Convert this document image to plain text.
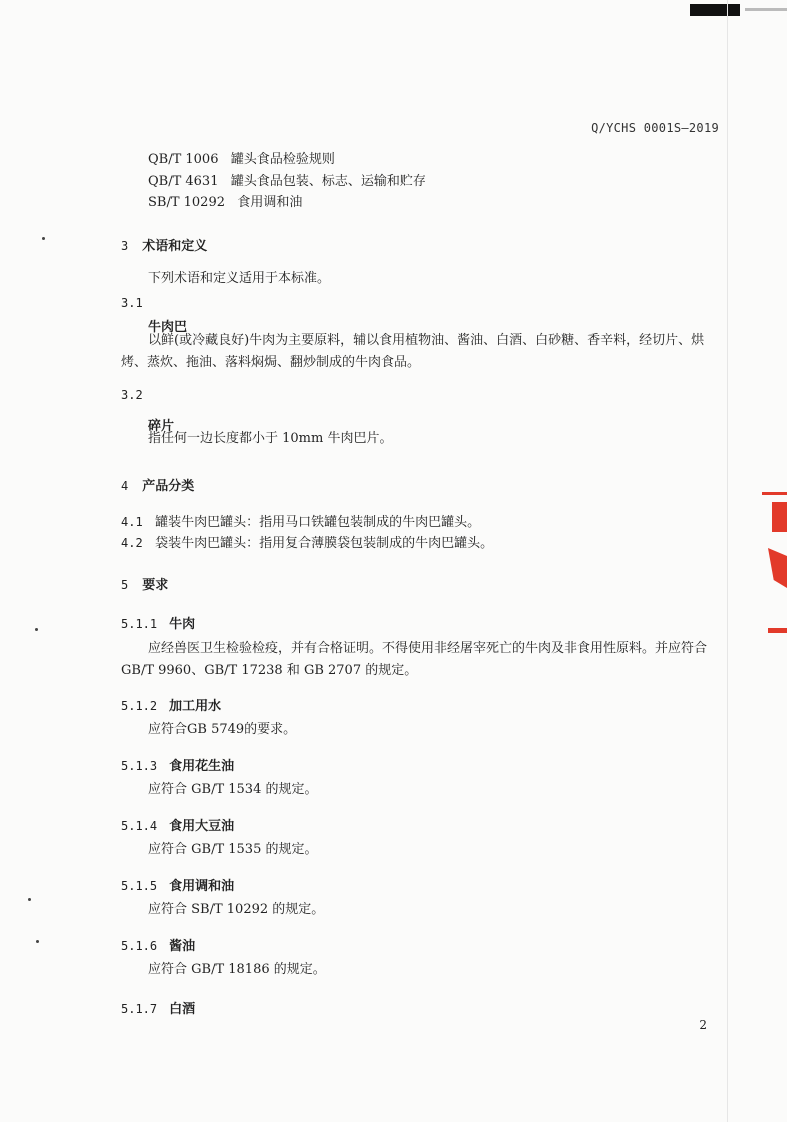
Q/YCHS 0001S—2019
QB/T 1006 罐头食品检验规则
QB/T 4631 罐头食品包装、标志、运输和贮存
SB/T 10292 食用调和油
3 术语和定义
下列术语和定义适用于本标准。
3.1
牛肉巴
以鲜(或冷藏良好)牛肉为主要原料，辅以食用植物油、酱油、白酒、白砂糖、香辛料，经切片、烘烤、蒸炊、拖油、落料焖焗、翻炒制成的牛肉食品。
3.2
碎片
指任何一边长度都小于 10mm 牛肉巴片。
4 产品分类
4.1 罐装牛肉巴罐头：指用马口铁罐包装制成的牛肉巴罐头。
4.2 袋装牛肉巴罐头：指用复合薄膜袋包装制成的牛肉巴罐头。
5 要求
5.1.1 牛肉
应经兽医卫生检验检疫，并有合格证明。不得使用非经屠宰死亡的牛肉及非食用性原料。并应符合GB/T 9960、GB/T 17238 和 GB 2707 的规定。
5.1.2 加工用水
应符合GB 5749的要求。
5.1.3 食用花生油
应符合 GB/T 1534 的规定。
5.1.4 食用大豆油
应符合 GB/T 1535 的规定。
5.1.5 食用调和油
应符合 SB/T 10292 的规定。
5.1.6 酱油
应符合 GB/T 18186 的规定。
5.1.7 白酒
2
